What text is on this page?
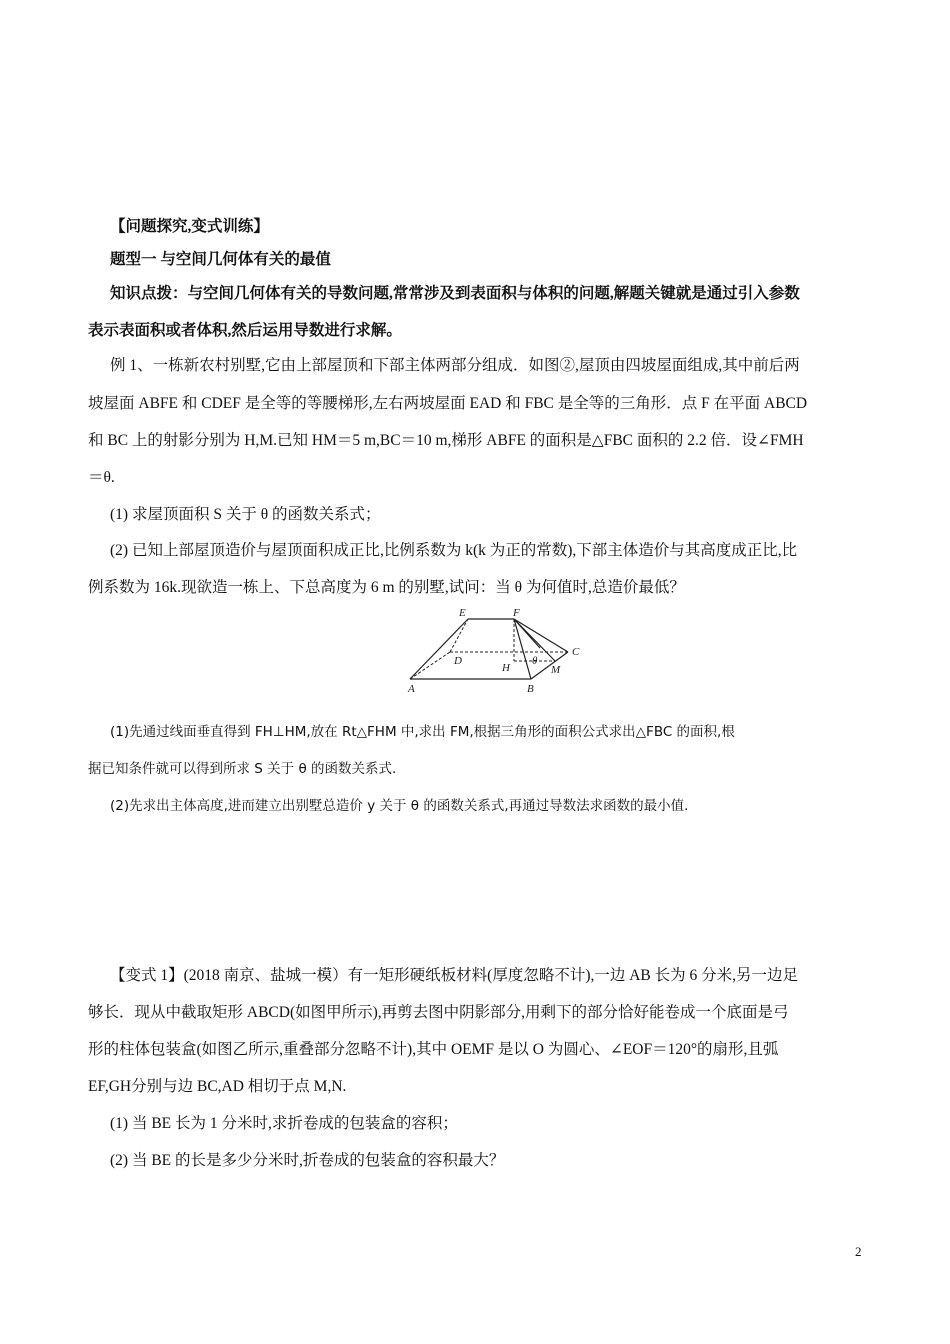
【问题探究,变式训练】
题型一 与空间几何体有关的最值
知识点拨：与空间几何体有关的导数问题,常常涉及到表面积与体积的问题,解题关键就是通过引入参数
表示表面积或者体积,然后运用导数进行求解。
例 1、一栋新农村别墅,它由上部屋顶和下部主体两部分组成．如图②,屋顶由四坡屋面组成,其中前后两
坡屋面 ABFE 和 CDEF 是全等的等腰梯形,左右两坡屋面 EAD 和 FBC 是全等的三角形．点 F 在平面 ABCD
和 BC 上的射影分别为 H,M.已知 HM＝5 m,BC＝10 m,梯形 ABFE 的面积是△FBC 面积的 2.2 倍．设∠FMH
＝θ.
(1) 求屋顶面积 S 关于 θ 的函数关系式；
(2) 已知上部屋顶造价与屋顶面积成正比,比例系数为 k(k 为正的常数),下部主体造价与其高度成正比,比
例系数为 16k.现欲造一栋上、下总高度为 6 m 的别墅,试问：当 θ 为何值时,总造价最低？
E	F
D
C
H
θ
M
A	B
(1)先通过线面垂直得到 FH⊥HM,放在 Rt△FHM 中,求出 FM,根据三角形的面积公式求出△FBC 的面积,根
据已知条件就可以得到所求 S 关于 θ 的函数关系式.
(2)先求出主体高度,进而建立出别墅总造价 y 关于 θ 的函数关系式,再通过导数法求函数的最小值.
【变式 1】(2018 南京、盐城一模）有一矩形硬纸板材料(厚度忽略不计),一边 AB 长为 6 分米,另一边足
够长．现从中截取矩形 ABCD(如图甲所示),再剪去图中阴影部分,用剩下的部分恰好能卷成一个底面是弓
形的柱体包装盒(如图乙所示,重叠部分忽略不计),其中 OEMF 是以 O 为圆心、∠EOF＝120°的扇形,且弧
EF,GH分别与边 BC,AD 相切于点 M,N.
(1) 当 BE 长为 1 分米时,求折卷成的包装盒的容积；
(2) 当 BE 的长是多少分米时,折卷成的包装盒的容积最大？
2
